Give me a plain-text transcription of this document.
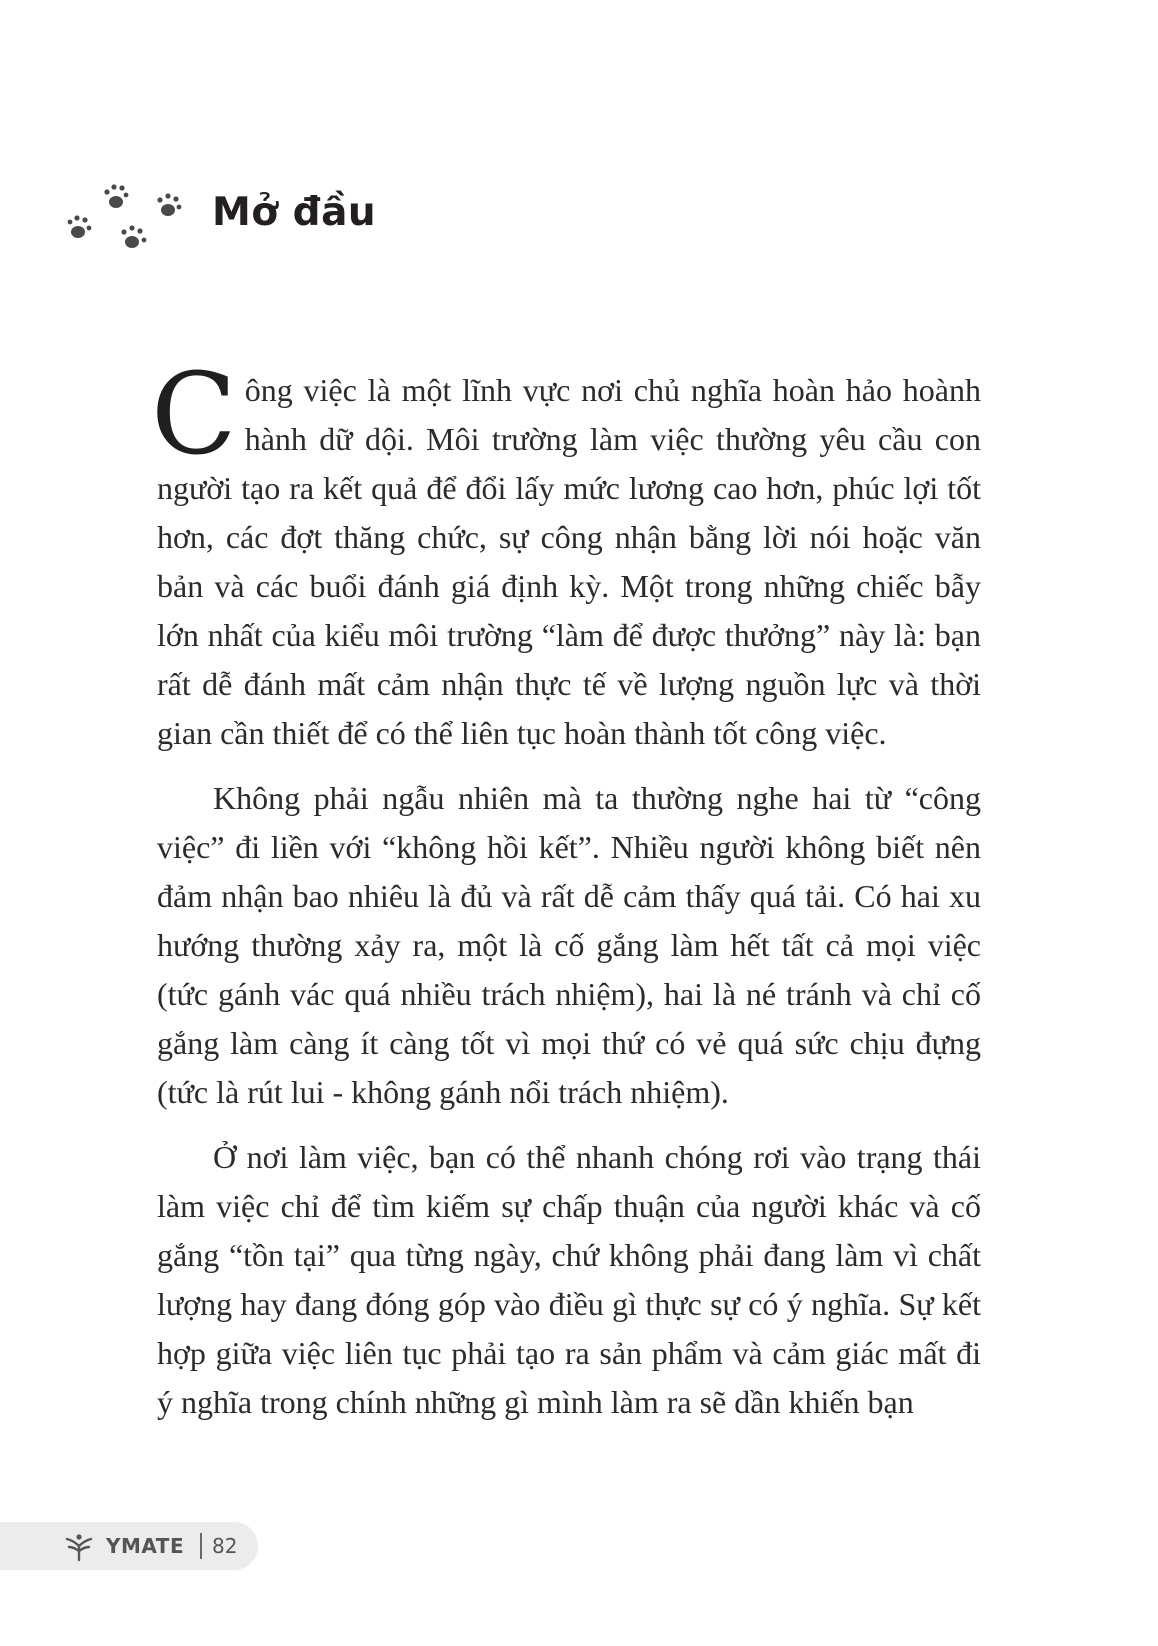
Mở đầu

Công việc là một lĩnh vực nơi chủ nghĩa hoàn hảo hoành hành dữ dội. Môi trường làm việc thường yêu cầu con người tạo ra kết quả để đổi lấy mức lương cao hơn, phúc lợi tốt hơn, các đợt thăng chức, sự công nhận bằng lời nói hoặc văn bản và các buổi đánh giá định kỳ. Một trong những chiếc bẫy lớn nhất của kiểu môi trường “làm để được thưởng” này là: bạn rất dễ đánh mất cảm nhận thực tế về lượng nguồn lực và thời gian cần thiết để có thể liên tục hoàn thành tốt công việc.

Không phải ngẫu nhiên mà ta thường nghe hai từ “công việc” đi liền với “không hồi kết”. Nhiều người không biết nên đảm nhận bao nhiêu là đủ và rất dễ cảm thấy quá tải. Có hai xu hướng thường xảy ra, một là cố gắng làm hết tất cả mọi việc (tức gánh vác quá nhiều trách nhiệm), hai là né tránh và chỉ cố gắng làm càng ít càng tốt vì mọi thứ có vẻ quá sức chịu đựng (tức là rút lui - không gánh nổi trách nhiệm).

Ở nơi làm việc, bạn có thể nhanh chóng rơi vào trạng thái làm việc chỉ để tìm kiếm sự chấp thuận của người khác và cố gắng “tồn tại” qua từng ngày, chứ không phải đang làm vì chất lượng hay đang đóng góp vào điều gì thực sự có ý nghĩa. Sự kết hợp giữa việc liên tục phải tạo ra sản phẩm và cảm giác mất đi ý nghĩa trong chính những gì mình làm ra sẽ dần khiến bạn

YMATE 82
